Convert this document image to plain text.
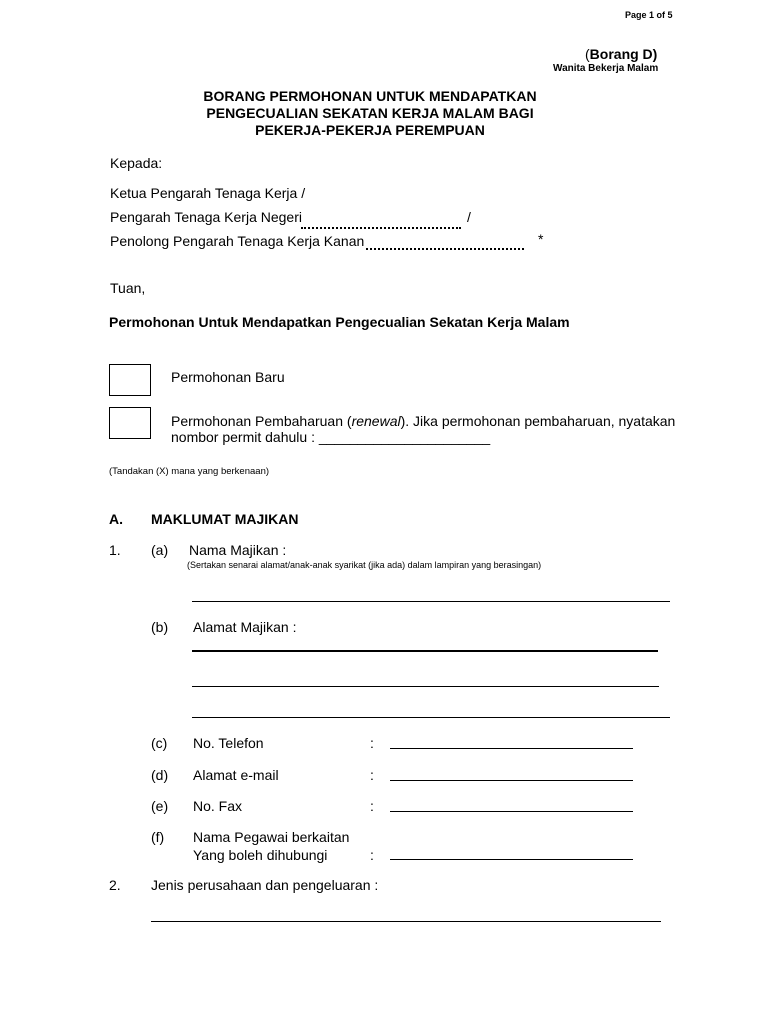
Page 1 of 5
(Borang D)
Wanita Bekerja Malam
BORANG PERMOHONAN UNTUK MENDAPATKAN
PENGECUALIAN SEKATAN KERJA MALAM BAGI
PEKERJA-PEKERJA PEREMPUAN
Kepada:
Ketua Pengarah Tenaga Kerja /
Pengarah Tenaga Kerja Negeri	/
Penolong Pengarah Tenaga Kerja Kanan	*
Tuan,
Permohonan Untuk Mendapatkan Pengecualian Sekatan Kerja Malam
Permohonan Baru
Permohonan Pembaharuan (renewal). Jika permohonan pembaharuan, nyatakan
nombor permit dahulu : ______________________
(Tandakan (X) mana yang berkenaan)
A. MAKLUMAT MAJIKAN
1. (a) Nama Majikan :
(Sertakan senarai alamat/anak-anak syarikat (jika ada) dalam lampiran yang berasingan)
(b) Alamat Majikan :
(c) No. Telefon	:
(d) Alamat e-mail	:
(e) No. Fax	:
(f) Nama Pegawai berkaitan
Yang boleh dihubungi	:
2. Jenis perusahaan dan pengeluaran :
